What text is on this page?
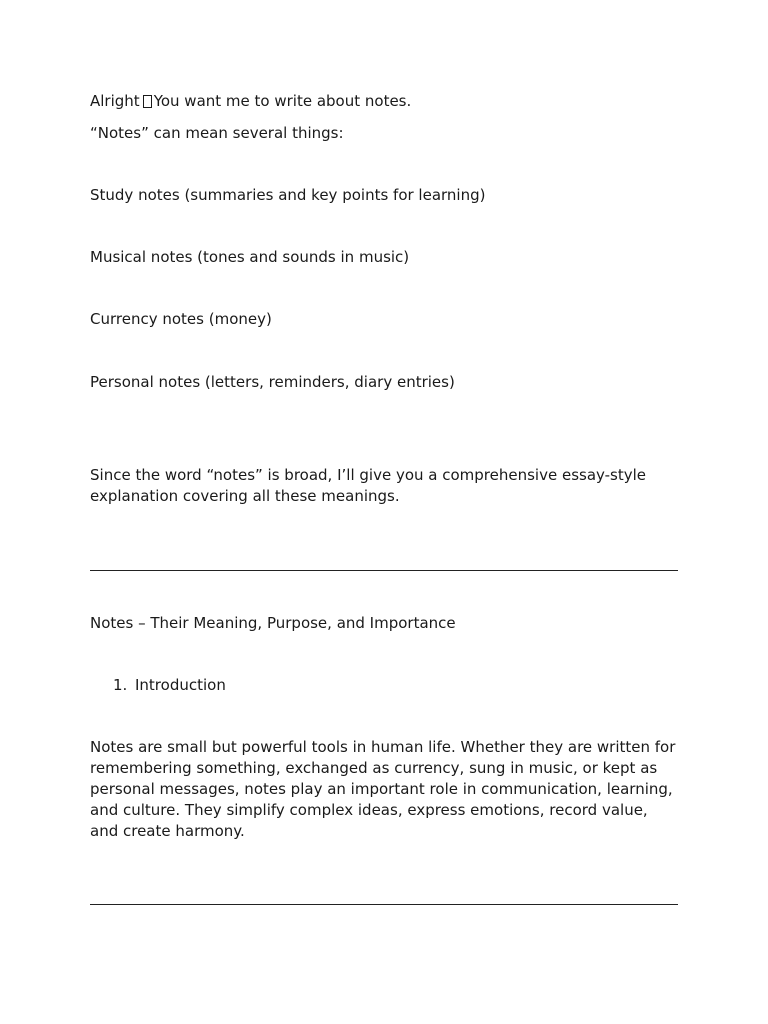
Alright You want me to write about notes.
“Notes” can mean several things:
Study notes (summaries and key points for learning)
Musical notes (tones and sounds in music)
Currency notes (money)
Personal notes (letters, reminders, diary entries)
Since the word “notes” is broad, I’ll give you a comprehensive essay-style explanation covering all these meanings.
Notes – Their Meaning, Purpose, and Importance
1. Introduction
Notes are small but powerful tools in human life. Whether they are written for remembering something, exchanged as currency, sung in music, or kept as personal messages, notes play an important role in communication, learning, and culture. They simplify complex ideas, express emotions, record value, and create harmony.
